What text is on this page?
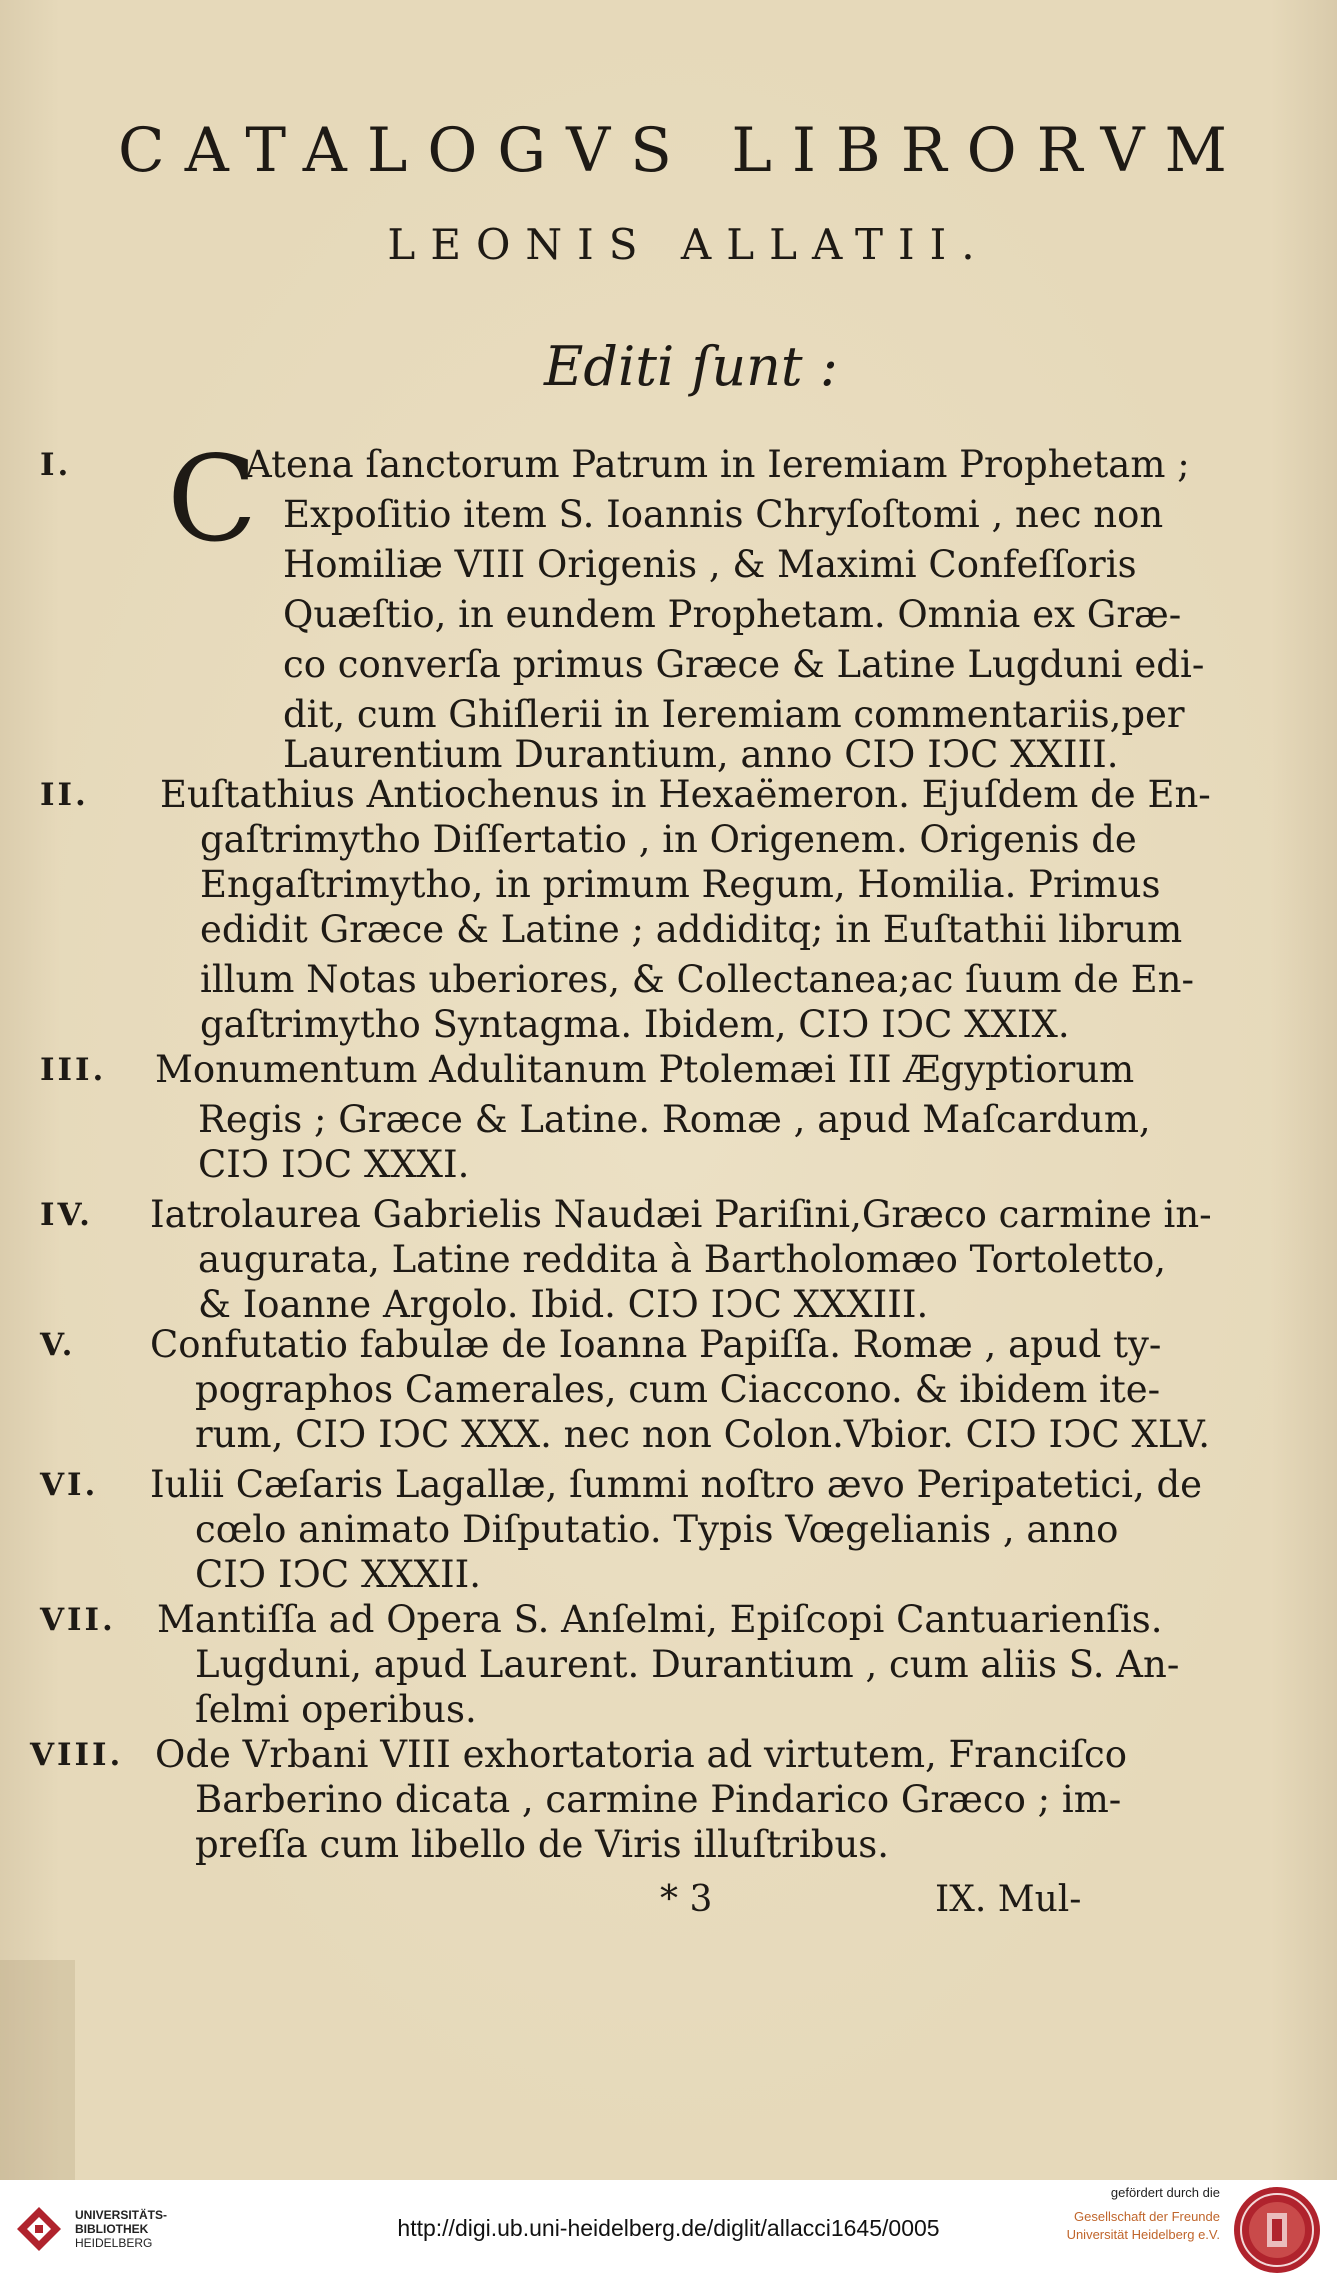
CATALOGVS LIBRORVM
LEONIS ALLATII.
Editi ſunt :
C
I.	Atena ſanctorum Patrum in Ieremiam Prophetam ;
Expoſitio item S. Ioannis Chryſoſtomi , nec non
Homiliæ VIII Origenis , & Maximi Confeſſoris
Quæſtio, in eundem Prophetam. Omnia ex Græ-
co converſa primus Græce & Latine Lugduni edi-
dit, cum Ghiſlerii in Ieremiam commentariis,per
Laurentium Durantium, anno CIↃ IↃC XXIII.
II. Euſtathius Antiochenus in Hexaëmeron. Ejuſdem de En-
gaſtrimytho Diſſertatio , in Origenem. Origenis de
Engaſtrimytho, in primum Regum, Homilia. Primus
edidit Græce & Latine ; addiditq; in Euſtathii librum
illum Notas uberiores, & Collectanea;ac ſuum de En-
gaſtrimytho Syntagma. Ibidem, CIↃ IↃC XXIX.
III. Monumentum Adulitanum Ptolemæi III Ægyptiorum
Regis ; Græce & Latine. Romæ , apud Maſcardum,
CIↃ IↃC XXXI.
IV. Iatrolaurea Gabrielis Naudæi Pariſini,Græco carmine in-
augurata, Latine reddita à Bartholomæo Tortoletto,
& Ioanne Argolo. Ibid. CIↃ IↃC XXXIII.
V. Confutatio fabulæ de Ioanna Papiſſa. Romæ , apud ty-
pographos Camerales, cum Ciaccono. & ibidem ite-
rum, CIↃ IↃC XXX. nec non Colon.Vbior. CIↃ IↃC XLV.
VI. Iulii Cæſaris Lagallæ, ſummi noſtro ævo Peripatetici, de
cœlo animato Diſputatio. Typis Vœgelianis , anno
CIↃ IↃC XXXII.
VII. Mantiſſa ad Opera S. Anſelmi, Epiſcopi Cantuarienſis.
Lugduni, apud Laurent. Durantium , cum aliis S. An-
ſelmi operibus.
VIII. Ode Vrbani VIII exhortatoria ad virtutem, Franciſco
Barberino dicata , carmine Pindarico Græco ; im-
preſſa cum libello de Viris illuſtribus.
* 3	IX. Mul-
UNIVERSITÄTS-
BIBLIOTHEK
HEIDELBERG
http://digi.ub.uni-heidelberg.de/diglit/allacci1645/0005
gefördert durch die
Gesellschaft der Freunde
Universität Heidelberg e.V.
